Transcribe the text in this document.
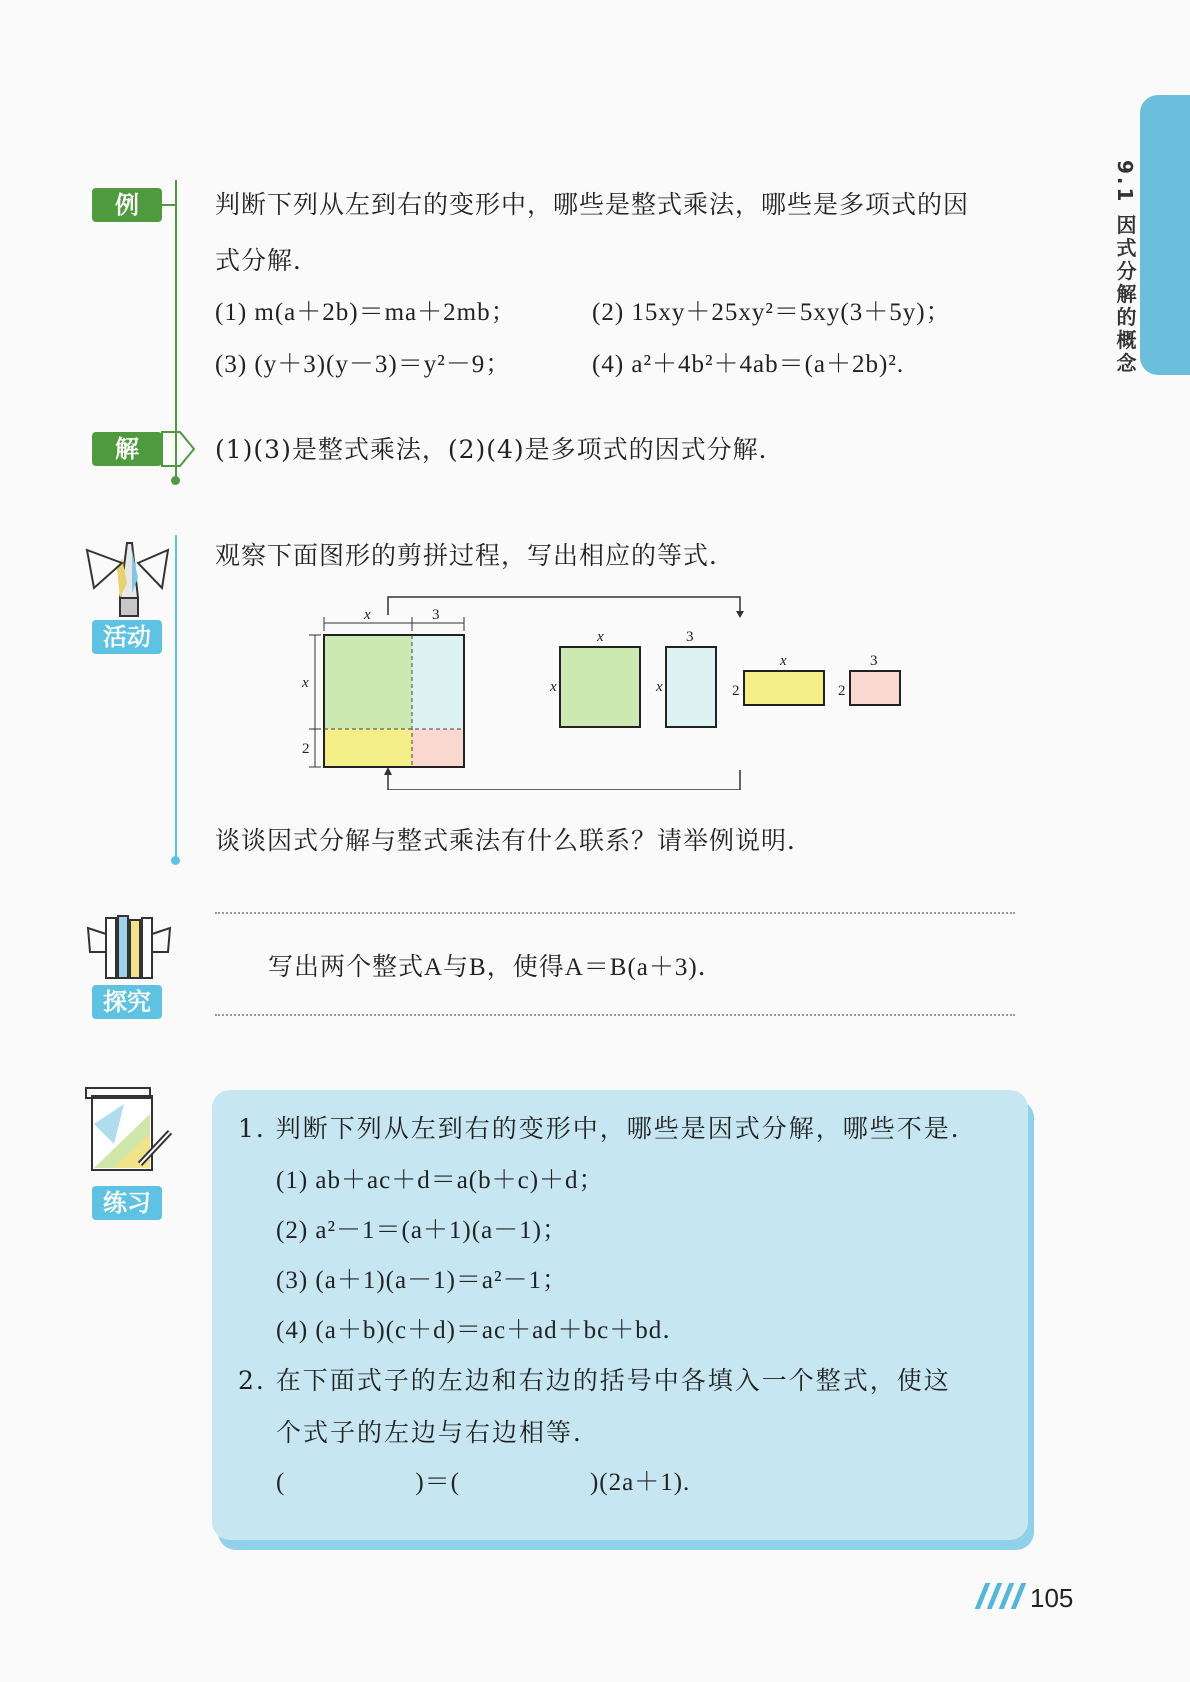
9.1 因式分解的概念
例	判断下列从左到右的变形中，哪些是整式乘法，哪些是多项式的因
式分解．
(1) m(a＋2b)＝ma＋2mb；	(2) 15xy＋25xy²＝5xy(3＋5y)；
(3) (y＋3)(y－3)＝y²－9；	(4) a²＋4b²＋4ab＝(a＋2b)².
解	(1)(3)是整式乘法，(2)(4)是多项式的因式分解．
活动
观察下面图形的剪拼过程，写出相应的等式．
x	3
x
2
x
x
3
x
x
2
3
2
谈谈因式分解与整式乘法有什么联系？请举例说明．
探究
写出两个整式A与B，使得A＝B(a＋3)．
练习
1. 判断下列从左到右的变形中，哪些是因式分解，哪些不是．
(1) ab＋ac＋d＝a(b＋c)＋d；
(2) a²－1＝(a＋1)(a－1)；
(3) (a＋1)(a－1)＝a²－1；
(4) (a＋b)(c＋d)＝ac＋ad＋bc＋bd．
2. 在下面式子的左边和右边的括号中各填入一个整式，使这
个式子的左边与右边相等．
(　　　　　)＝(　　　　　)(2a＋1).
105
